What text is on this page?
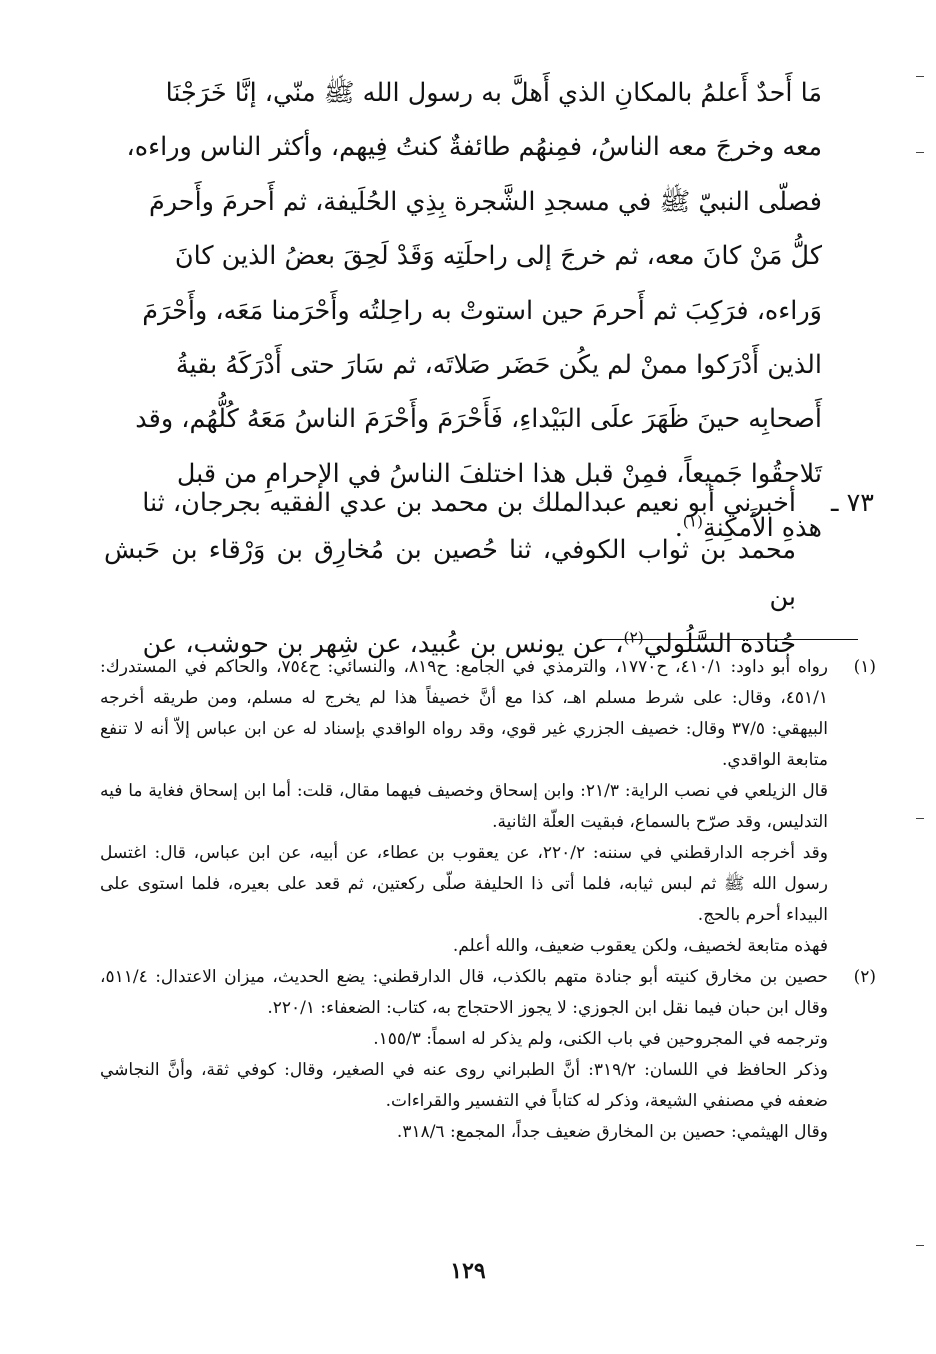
مَا أَحدٌ أَعلمُ بالمكانِ الذي أَهلَّ به رسول الله ﷺ منّي، إنَّا خَرَجْنَا

معه وخرجَ معه الناسُ، فمِنهُم طائفةٌ كنتُ فِيهم، وأكثر الناس وراءه،

فصلّى النبيّ ﷺ في مسجدِ الشَّجرة بِذِي الحُلَيفة، ثم أَحرمَ وأَحرمَ

كلُّ مَنْ كانَ معه، ثم خرجَ إلى راحلَتِه وَقَدْ لَحِقَ بعضُ الذين كانَ

وَراءه، فرَكِبَ ثم أَحرمَ حين استوتْ به راحِلتُه وأَحْرَمنا مَعَه، وأَحْرَمَ

الذين أَدْرَكوا ممنْ لم يكُن حَضَر صَلاتَه، ثم سَارَ حتى أَدْرَكَهُ بقيةُ

أَصحابِه حينَ ظَهَرَ علَى البَيْداءِ، فَأَحْرَمَ وأَحْرَمَ الناسُ مَعَهُ كُلُّهُم، وقد

تَلاحقُوا جَميعاً، فمِنْ قبل هذا اختلفَ الناسُ في الإحرامِ من قبل

هذهِ الأَمكِنةِ$^{(١)}$.

٧٣ ـ
أخبرني أبو نعيم عبدالملك بن محمد بن عدي الفقيه بجرجان، ثنا
محمد بن ثواب الكوفي، ثنا حُصين بن مُخارِق بن وَرْقاء بن حَبش بن
جُنادة السَّلُولي$^{(٢)}$، عن يونس بن عُبيد، عن شِهر بن حوشب، عن
(١)

رواه أبو داود: ٤١٠/١، ح١٧٧٠، والترمذي في الجامع: ح٨١٩، والنسائي: ح٧٥٤، والحاكم في المستدرك: ٤٥١/١، وقال: على شرط مسلم اهـ، كذا مع أنَّ خصيفاً هذا لم يخرج له مسلم، ومن طريقه أخرجه البيهقي: ٣٧/٥ وقال: خصيف الجزري غير قوي، وقد رواه الواقدي بإسناد له عن ابن عباس إلاّ أنه لا تنفع متابعة الواقدي.

قال الزيلعي في نصب الراية: ٢١/٣: وابن إسحاق وخصيف فيهما مقال، قلت: أما ابن إسحاق فغاية ما فيه التدليس، وقد صرّح بالسماع، فبقيت العلّة الثانية.

وقد أخرجه الدارقطني في سننه: ٢٢٠/٢، عن يعقوب بن عطاء، عن أبيه، عن ابن عباس، قال: اغتسل رسول الله ﷺ ثم لبس ثيابه، فلما أتى ذا الحليفة صلّى ركعتين، ثم قعد على بعيره، فلما استوى على البيداء أحرم بالحج.

فهذه متابعة لخصيف، ولكن يعقوب ضعيف، والله أعلم.

(٢)

حصين بن مخارق كنيته أبو جنادة متهم بالكذب، قال الدارقطني: يضع الحديث، ميزان الاعتدال: ٥١١/٤، وقال ابن حبان فيما نقل ابن الجوزي: لا يجوز الاحتجاج به، كتاب: الضعفاء: ٢٢٠/١.

وترجمه في المجروحين في باب الكنى، ولم يذكر له اسماً: ١٥٥/٣.

وذكر الحافظ في اللسان: ٣١٩/٢: أنَّ الطبراني روى عنه في الصغير، وقال: كوفي ثقة، وأنَّ النجاشي ضعفه في مصنفي الشيعة، وذكر له كتاباً في التفسير والقراءات.

وقال الهيثمي: حصين بن المخارق ضعيف جداً، المجمع: ٣١٨/٦.

١٢٩
